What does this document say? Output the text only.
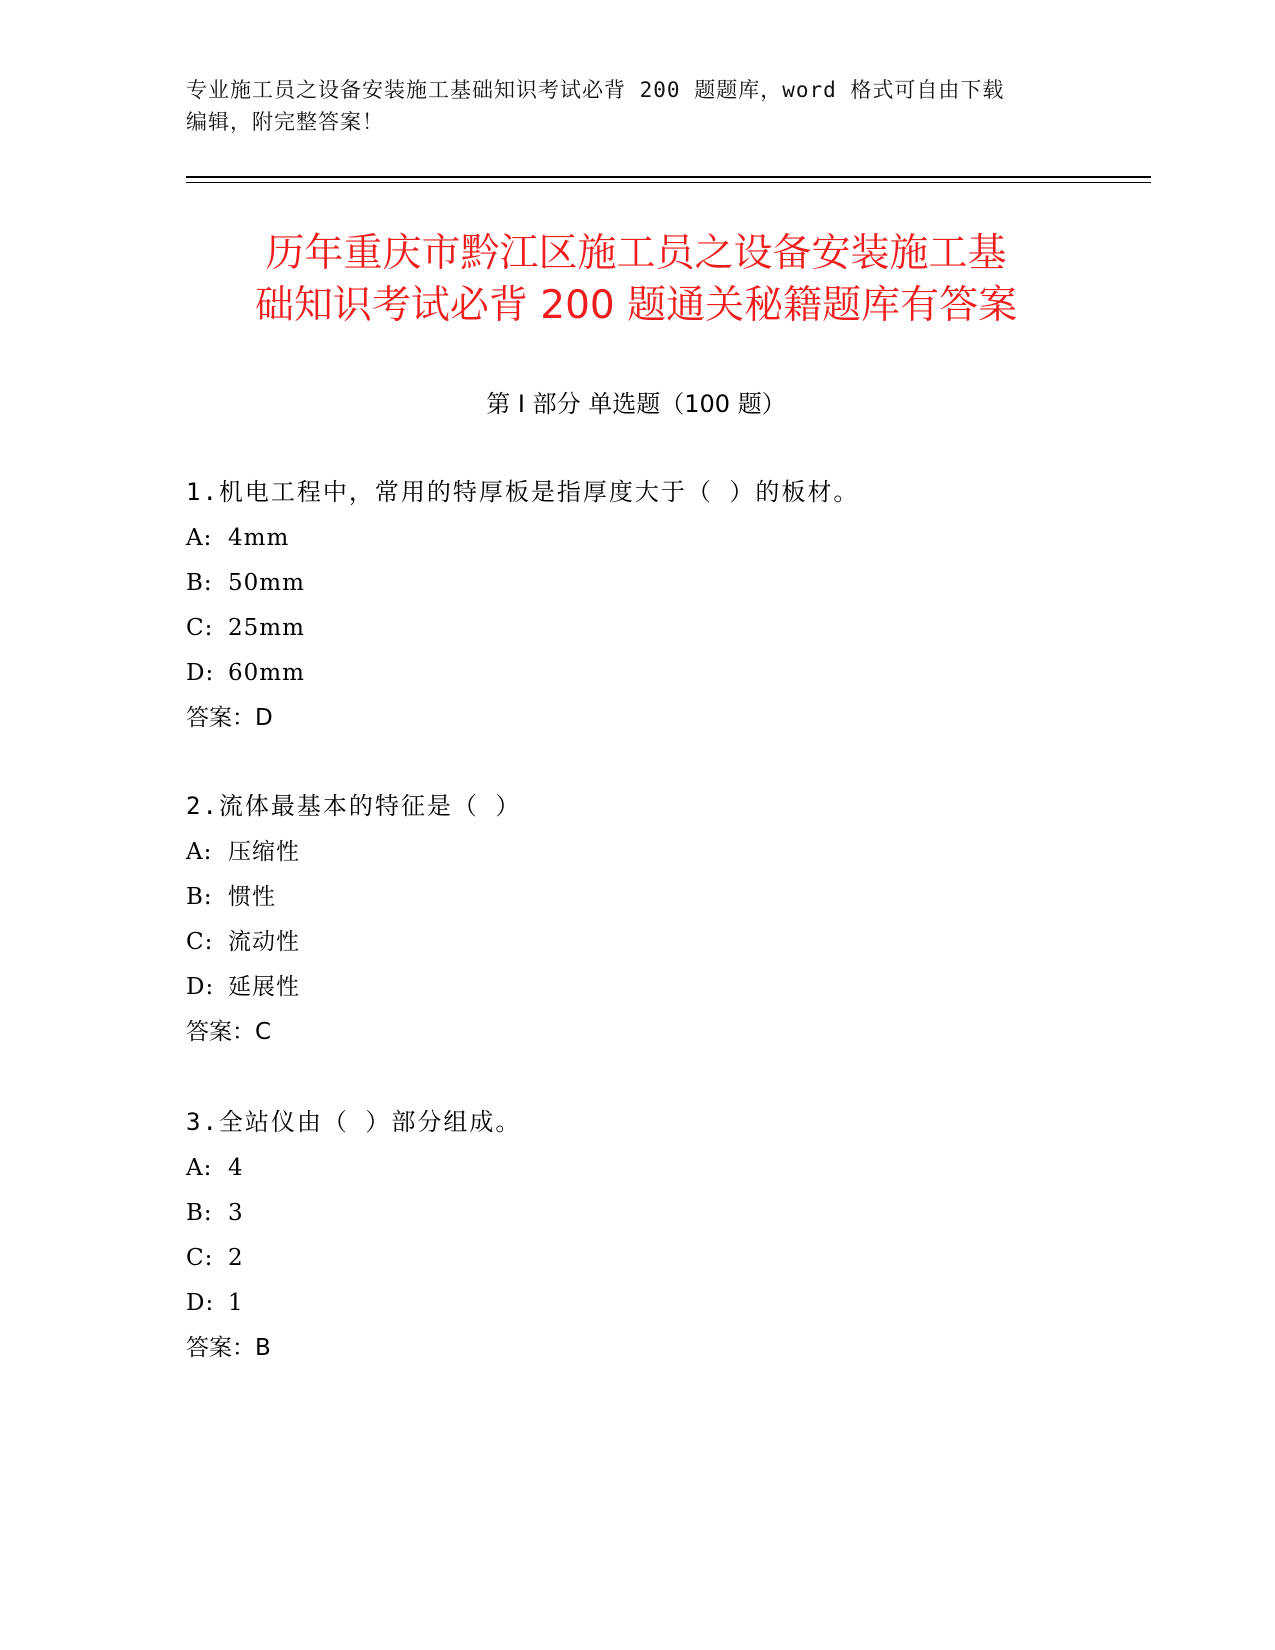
专业施工员之设备安装施工基础知识考试必背 200 题题库，word 格式可自由下载
编辑，附完整答案！
历年重庆市黔江区施工员之设备安装施工基
础知识考试必背 200 题通关秘籍题库有答案
第 I 部分 单选题（100 题）
1.机电工程中，常用的特厚板是指厚度大于（ ）的板材。
A: 4mm
B: 50mm
C: 25mm
D: 60mm
答案：D
2.流体最基本的特征是（ ）
A: 压缩性
B: 惯性
C: 流动性
D: 延展性
答案：C
3.全站仪由（ ）部分组成。
A: 4
B: 3
C: 2
D: 1
答案：B
